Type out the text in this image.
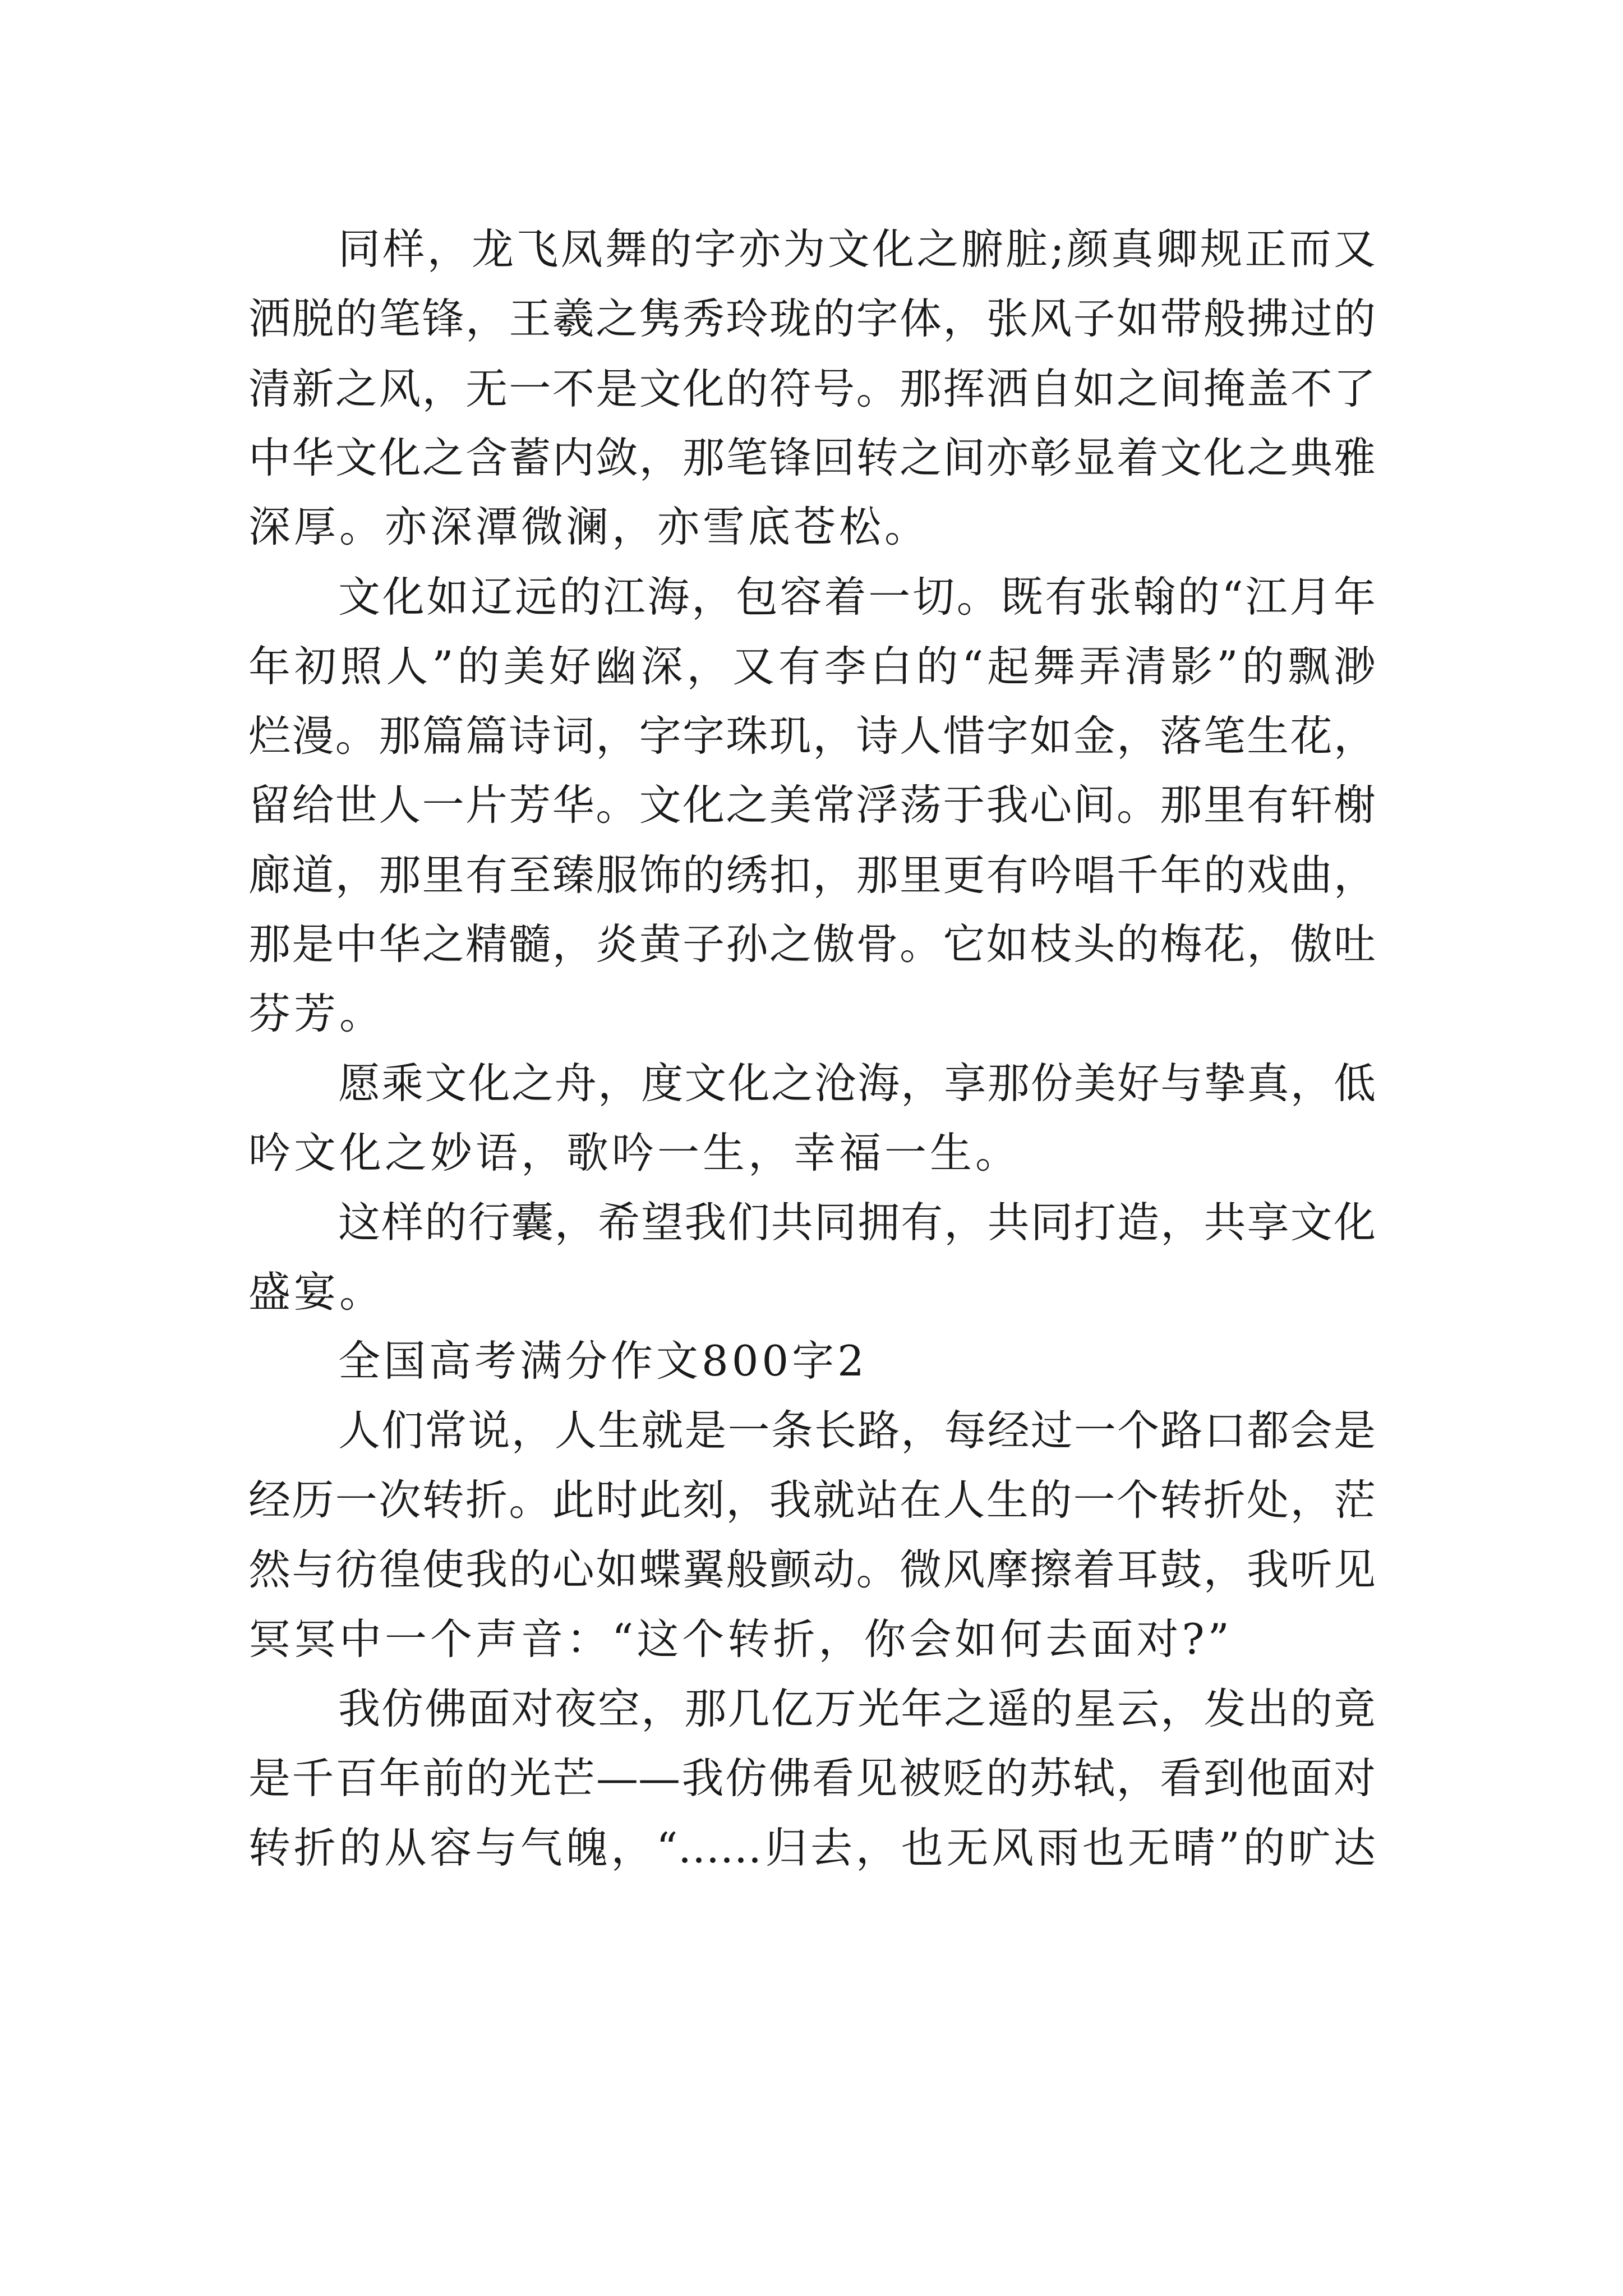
同样，龙飞凤舞的字亦为文化之腑脏;颜真卿规正而又

洒脱的笔锋，王羲之隽秀玲珑的字体，张风子如带般拂过的

清新之风，无一不是文化的符号。那挥洒自如之间掩盖不了

中华文化之含蓄内敛，那笔锋回转之间亦彰显着文化之典雅

深厚。亦深潭微澜，亦雪底苍松。

文化如辽远的江海，包容着一切。既有张翰的“江月年

年初照人”的美好幽深，又有李白的“起舞弄清影”的飘渺

烂漫。那篇篇诗词，字字珠玑，诗人惜字如金，落笔生花，

留给世人一片芳华。文化之美常浮荡于我心间。那里有轩榭

廊道，那里有至臻服饰的绣扣，那里更有吟唱千年的戏曲，

那是中华之精髓，炎黄子孙之傲骨。它如枝头的梅花，傲吐

芬芳。

愿乘文化之舟，度文化之沧海，享那份美好与挚真，低

吟文化之妙语，歌吟一生，幸福一生。

这样的行囊，希望我们共同拥有，共同打造，共享文化

盛宴。

全国高考满分作文800字2

人们常说，人生就是一条长路，每经过一个路口都会是

经历一次转折。此时此刻，我就站在人生的一个转折处，茫

然与彷徨使我的心如蝶翼般颤动。微风摩擦着耳鼓，我听见

冥冥中一个声音：“这个转折，你会如何去面对?”

我仿佛面对夜空，那几亿万光年之遥的星云，发出的竟

是千百年前的光芒——我仿佛看见被贬的苏轼，看到他面对

转折的从容与气魄，“……归去，也无风雨也无晴”的旷达
